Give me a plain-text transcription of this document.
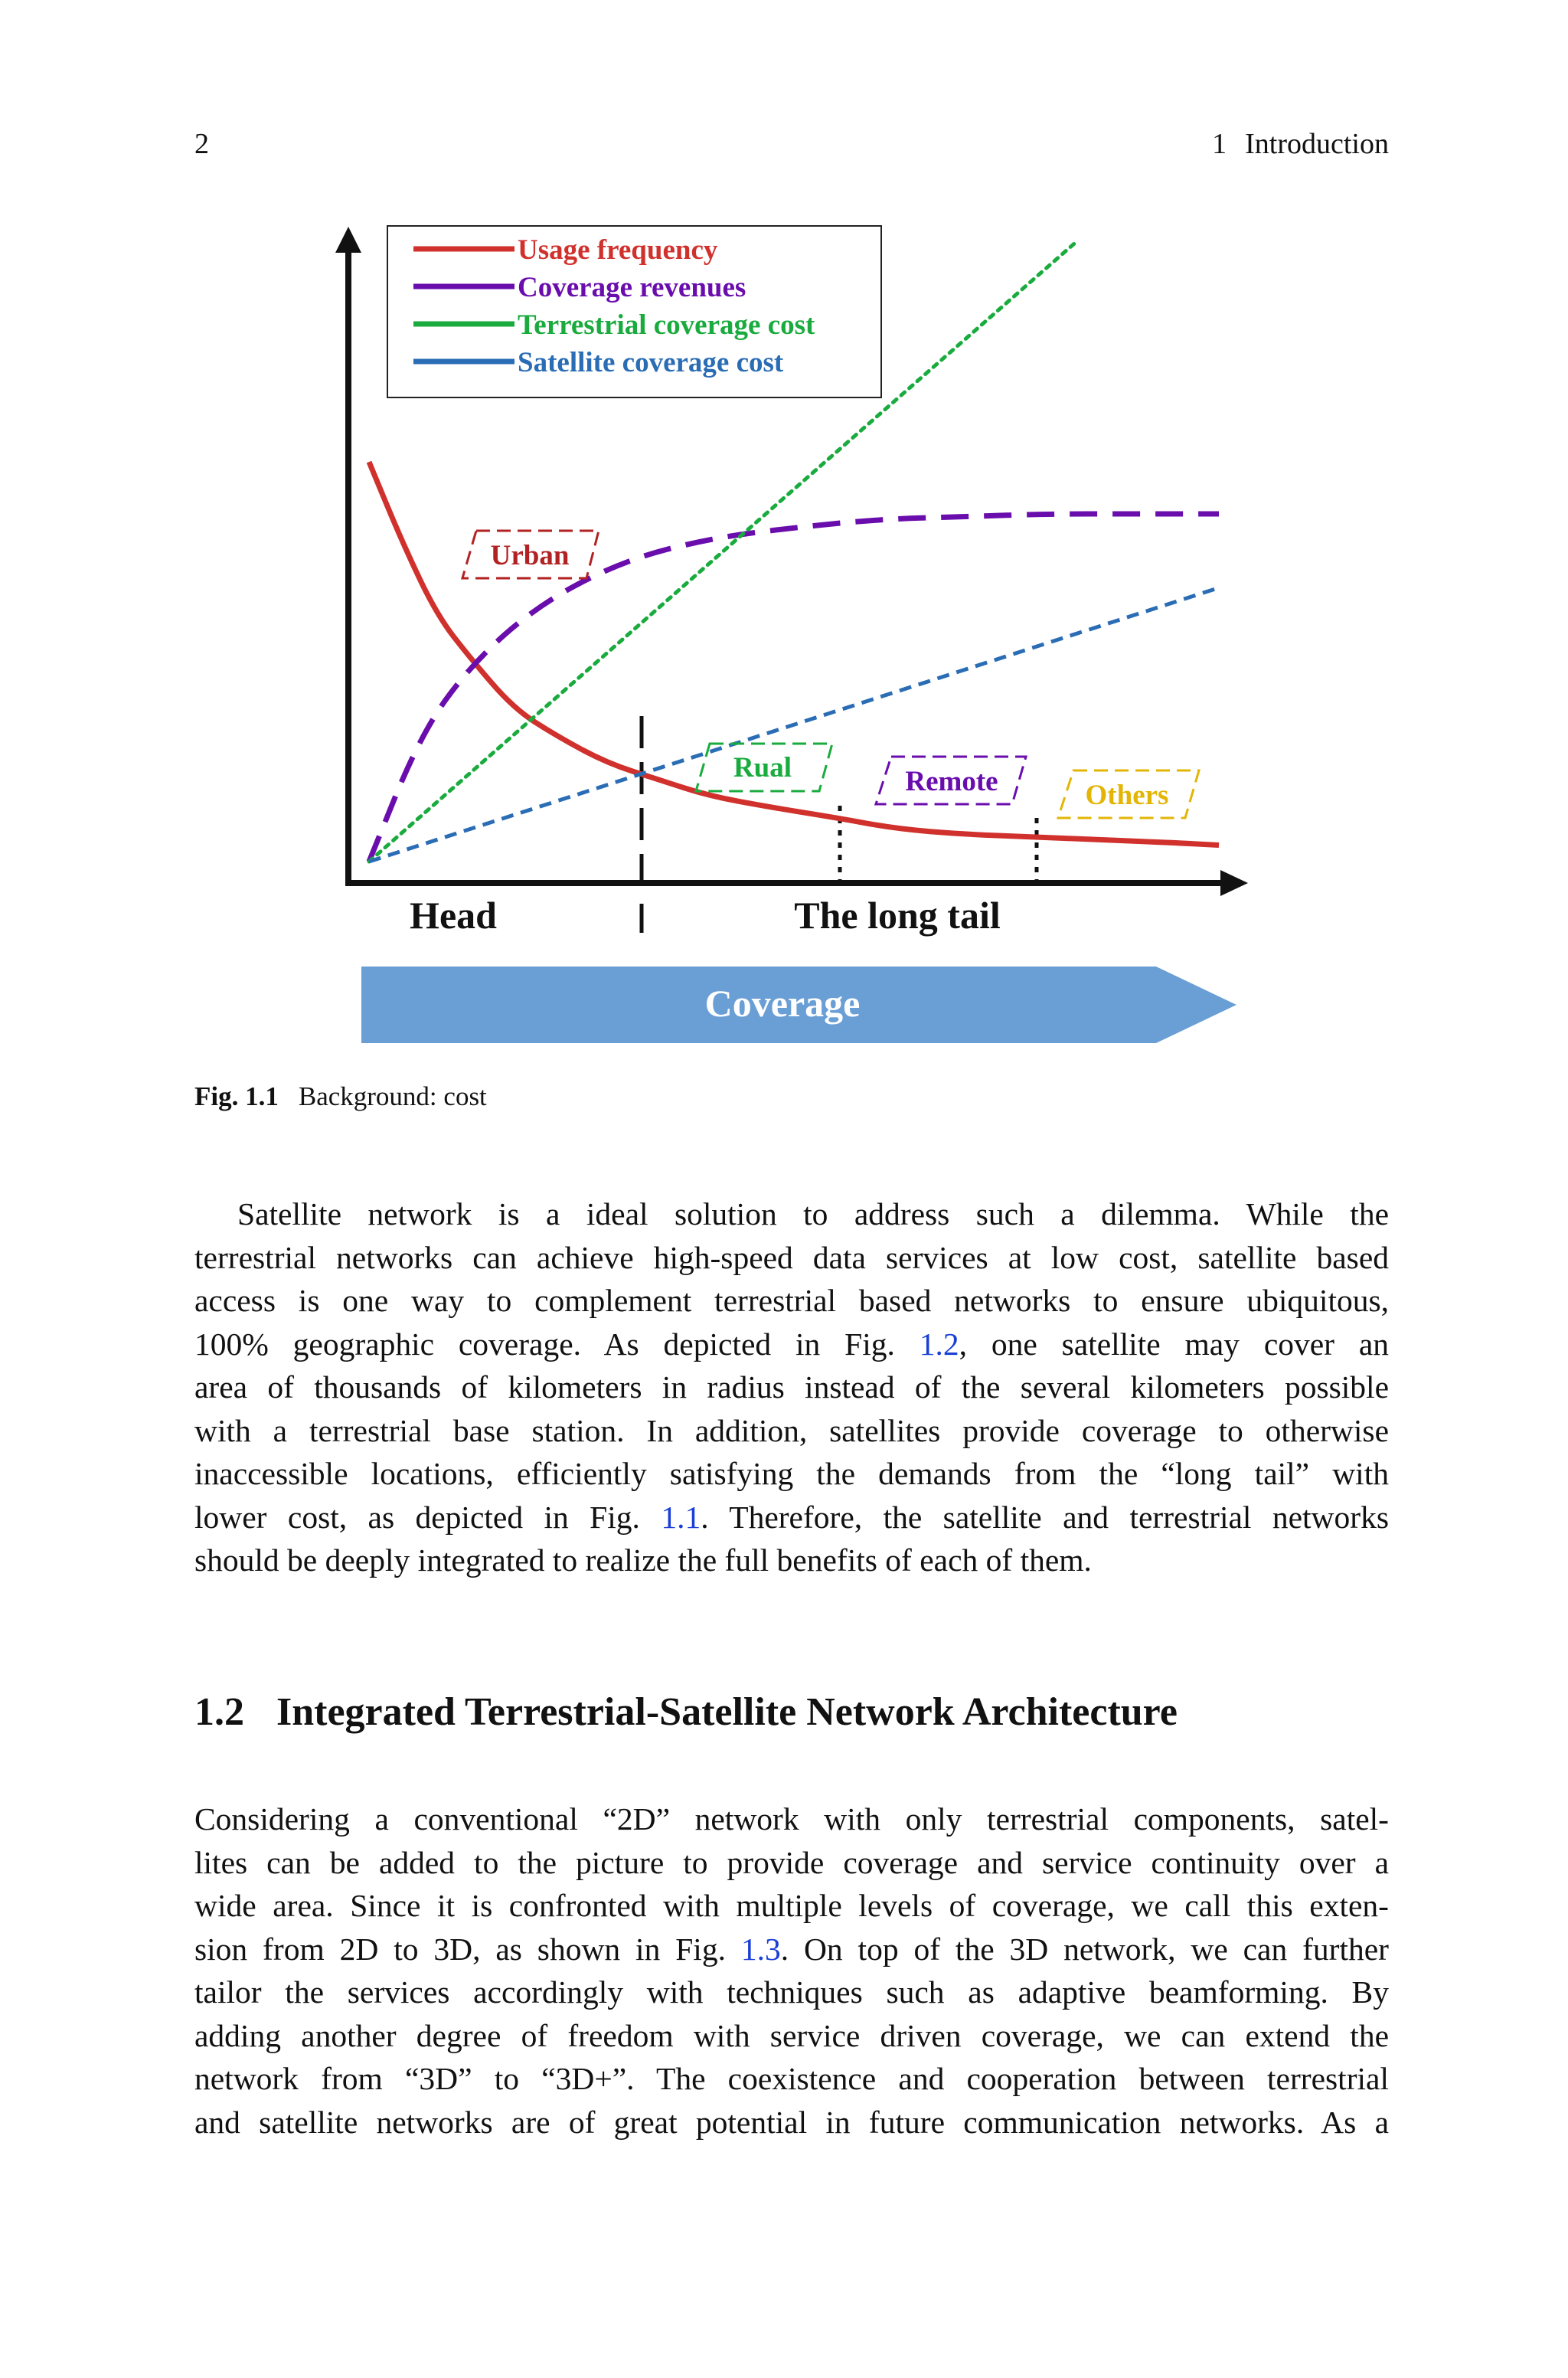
2	1 Introduction
Usage frequency
Coverage revenues
Terrestrial coverage cost
Satellite coverage cost
Urban
Rual	Remote	Others
Head	The long tail
Coverage
Fig. 1.1 Background: cost
Satellite network is a ideal solution to address such a dilemma. While the
terrestrial networks can achieve high-speed data services at low cost, satellite based
access is one way to complement terrestrial based networks to ensure ubiquitous,
100% geographic coverage. As depicted in Fig. 1.2, one satellite may cover an
area of thousands of kilometers in radius instead of the several kilometers possible
with a terrestrial base station. In addition, satellites provide coverage to otherwise
inaccessible locations, efficiently satisfying the demands from the “long tail” with
lower cost, as depicted in Fig. 1.1. Therefore, the satellite and terrestrial networks
should be deeply integrated to realize the full benefits of each of them.
1.2 Integrated Terrestrial-Satellite Network Architecture
Considering a conventional “2D” network with only terrestrial components, satel-
lites can be added to the picture to provide coverage and service continuity over a
wide area. Since it is confronted with multiple levels of coverage, we call this exten-
sion from 2D to 3D, as shown in Fig. 1.3. On top of the 3D network, we can further
tailor the services accordingly with techniques such as adaptive beamforming. By
adding another degree of freedom with service driven coverage, we can extend the
network from “3D” to “3D+”. The coexistence and cooperation between terrestrial
and satellite networks are of great potential in future communication networks. As a
